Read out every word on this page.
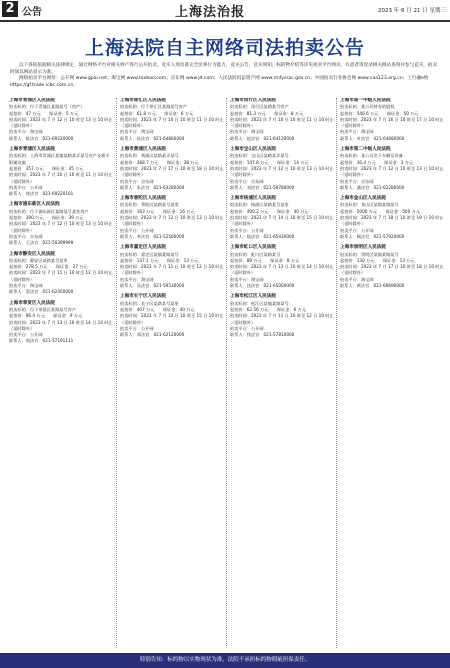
2 公告	上海法治报	2023 年 6 月 21 日 星期三
上海法院自主网络司法拍卖公告

以下各院依据相关法律规定，通过网络平台对相关财产进行公开拍卖，竞买人须具备完全民事行为能力，竞买公告、竞买须知、标的物介绍等详见拍卖平台网页。有意者请登录相关网站查询并参与竞买，拍卖时间以网站显示为准。

网络拍卖平台网址：公开网 www.gpai.net；淘宝网 www.taobao.com；京东网 www.jd.com；人民法院诉讼资产网 www.rmfysszc.gov.cn；中国拍卖行业协会网 www.caa123.org.cn；工行融e购 https://gf.trade.icbc.com.cn。

上海市青浦区人民法院
拍卖标的：位于青浦区某路某号（房产）
起拍价：47 万元　　保证金：5 万元
拍卖时间：2023 年 7 月 12 日 10 时至 13 日 10 时止（延时除外）
拍卖平台：淘宝网
联系人：陈法官　021-69220000
上海市青浦区人民法院
拍卖标的：上海市青浦区某镇某路某弄某号房产及相关附属设施
起拍价：357 万元　　保证金：35 万元
拍卖时间：2023 年 7 月 10 日 10 时至 11 日 10 时止（延时除外）
拍卖平台：公开网
联系人：徐法官　021-69220101
上海市浦东新区人民法院
拍卖标的：位于浦东新区某路某号某室房产
起拍价：390 万元　　保证金：39 万元
拍卖时间：2023 年 7 月 12 日 10 时至 13 日 10 时止（延时除外）
拍卖平台：京东网
联系人：王法官　021-50399999
上海市静安区人民法院
拍卖标的：静安区某路某号某室
起拍价：278.5 万元　　保证金：27 万元
拍卖时间：2023 年 7 月 11 日 10 时至 12 日 10 时止（延时除外）
拍卖平台：淘宝网
联系人：蔡法官　021-62450000
上海市奉贤区人民法院
拍卖标的：位于奉贤区某路某号房产
起拍价：96.4 万元　　保证金：9 万元
拍卖时间：2023 年 7 月 13 日 10 时至 14 日 10 时止（延时除外）
拍卖平台：公开网
联系人：周法官　021-57191111
上海市徐汇区人民法院
拍卖标的：位于徐汇区某路某号房产
起拍价：61.8 万元　　保证金：6 万元
拍卖时间：2023 年 7 月 10 日 10 时至 11 日 10 时止（延时除外）
拍卖平台：淘宝网
联系人：孙法官　021-64860000
上海市黄浦区人民法院
拍卖标的：黄浦区某路某弄某号
起拍价：388.7 万元　　保证金：38 万元
拍卖时间：2023 年 7 月 17 日 10 时至 18 日 10 时止（延时除外）
拍卖平台：京东网
联系人：朱法官　021-63280000
上海市普陀区人民法院
拍卖标的：普陀区某路某号某室
起拍价：163 万元　　保证金：16 万元
拍卖时间：2023 年 7 月 12 日 10 时至 13 日 10 时止（延时除外）
拍卖平台：公开网
联系人：李法官　021-52560000
上海市嘉定区人民法院
拍卖标的：嘉定区某镇某路某号
起拍价：137.1 万元　　保证金：13 万元
拍卖时间：2023 年 7 月 11 日 10 时至 12 日 10 时止（延时除外）
拍卖平台：淘宝网
联系人：吴法官　021-59530000
上海市长宁区人民法院
拍卖标的：长宁区某路某号某室
起拍价：407 万元　　保证金：40 万元
拍卖时间：2023 年 7 月 14 日 10 时至 15 日 10 时止（延时除外）
拍卖平台：公开网
联系人：郑法官　021-62120000
上海市闵行区人民法院
拍卖标的：闵行区某路某号房产
起拍价：81.3 万元　　保证金：8 万元
拍卖时间：2023 年 7 月 10 日 10 时至 11 日 10 时止（延时除外）
拍卖平台：淘宝网
联系人：赵法官　021-64120000
上海市宝山区人民法院
拍卖标的：宝山区某路某弄某号
起拍价：147.8 万元　　保证金：14 万元
拍卖时间：2023 年 7 月 12 日 10 时至 13 日 10 时止（延时除外）
拍卖平台：京东网
联系人：刘法官　021-56780000
上海市杨浦区人民法院
拍卖标的：杨浦区某路某号某室
起拍价：400.2 万元　　保证金：40 万元
拍卖时间：2023 年 7 月 14 日 10 时至 15 日 10 时止（延时除外）
拍卖平台：公开网
联系人：陆法官　021-65430000
上海市虹口区人民法院
拍卖标的：虹口区某路某号
起拍价：89 万元　　保证金：8 万元
拍卖时间：2023 年 7 月 13 日 10 时至 14 日 10 时止（延时除外）
拍卖平台：淘宝网
联系人：沈法官　021-65000000
上海市松江区人民法院
拍卖标的：松江区某镇某路某号
起拍价：62.56 万元　　保证金：6 万元
拍卖时间：2023 年 7 月 11 日 10 时至 12 日 10 时止（延时除外）
拍卖平台：公开网
联系人：钱法官　021-57810000
上海市第一中级人民法院
拍卖标的：某公司持有的股权
起拍价：546.6 万元　　保证金：50 万元
拍卖时间：2023 年 7 月 16 日 10 时至 17 日 10 时止（延时除外）
拍卖平台：淘宝网
联系人：叶法官　021-64680000
上海市第二中级人民法院
拍卖标的：某公司名下车辆及设备
起拍价：30.4 万元　　保证金：3 万元
拍卖时间：2023 年 7 月 12 日 10 时至 13 日 10 时止（延时除外）
拍卖平台：京东网
联系人：潘法官　021-62280000
上海市金山区人民法院
拍卖标的：金山区某镇某路某号
起拍价：5000 万元　　保证金：500 万元
拍卖时间：2023 年 7 月 18 日 10 时至 19 日 10 时止（延时除外）
拍卖平台：公开网
联系人：顾法官　021-57920000
上海市崇明区人民法院
拍卖标的：崇明区某镇某路某号
起拍价：130 万元　　保证金：13 万元
拍卖时间：2023 年 7 月 17 日 10 时至 18 日 10 时止（延时除外）
拍卖平台：淘宝网
联系人：黄法官　021-69690000
特别告知：标的物以实物现状为准，法院不承担标的物瑕疵担保责任。
